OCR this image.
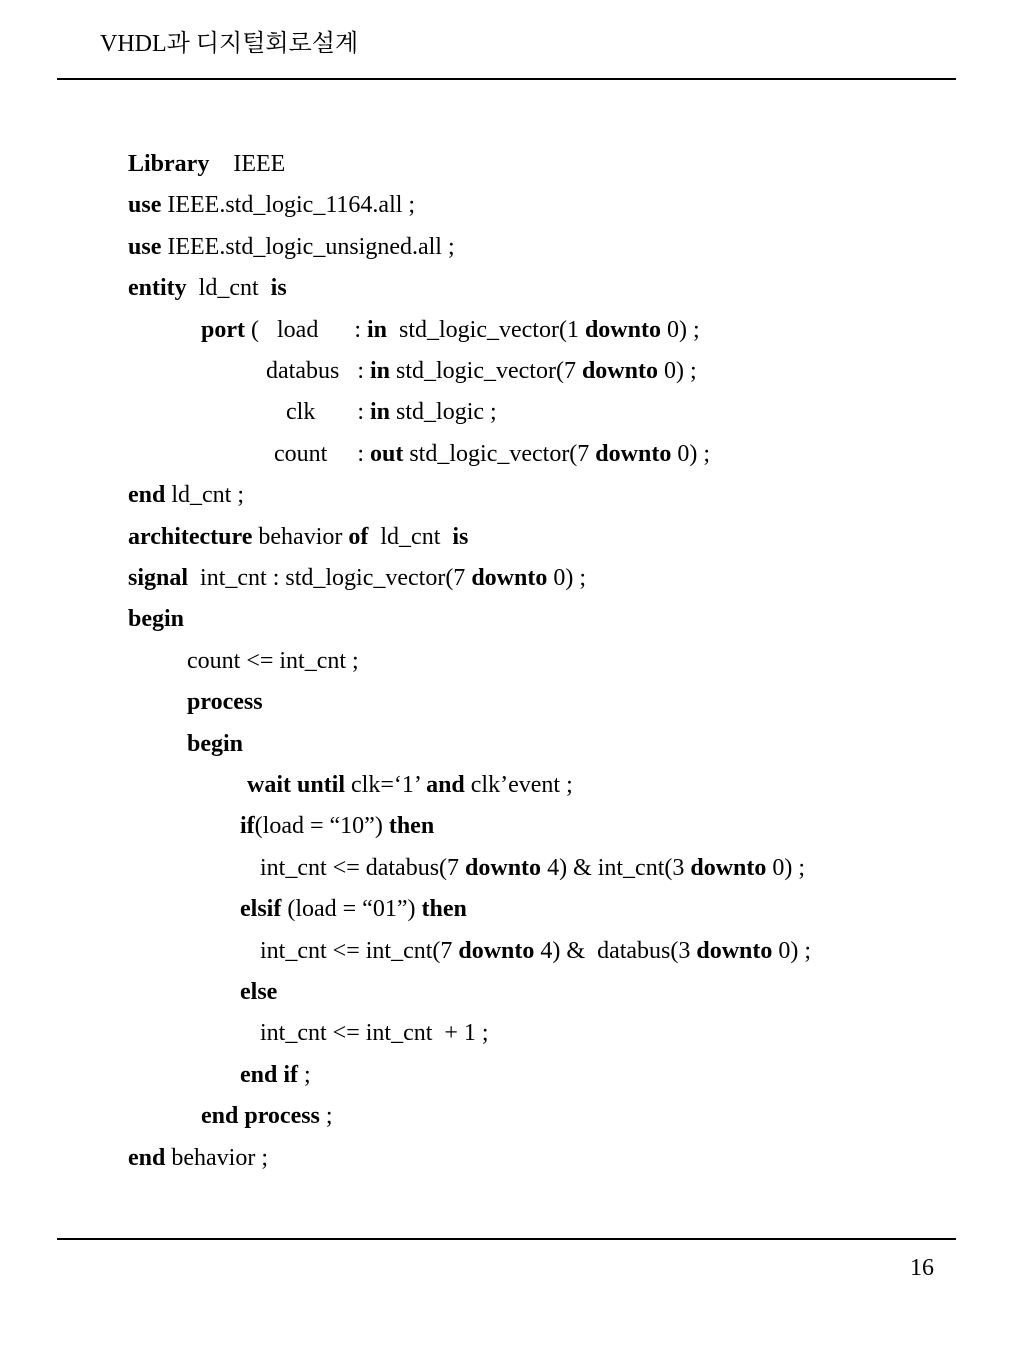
VHDL과 디지털회로설계
Library    IEEE
use IEEE.std_logic_1164.all ;
use IEEE.std_logic_unsigned.all ;
entity  ld_cnt  is
port (   load      : in  std_logic_vector(1 downto 0) ;
databus   : in std_logic_vector(7 downto 0) ;
clk       : in std_logic ;
count     : out std_logic_vector(7 downto 0) ;
end ld_cnt ;
architecture behavior of  ld_cnt  is
signal  int_cnt : std_logic_vector(7 downto 0) ;
begin
count <= int_cnt ;
process
begin
wait until clk=‘1’ and clk’event ;
if(load = “10”) then
int_cnt <= databus(7 downto 4) & int_cnt(3 downto 0) ;
elsif (load = “01”) then
int_cnt <= int_cnt(7 downto 4) &  databus(3 downto 0) ;
else
int_cnt <= int_cnt  + 1 ;
end if ;
end process ;
end behavior ;
16
